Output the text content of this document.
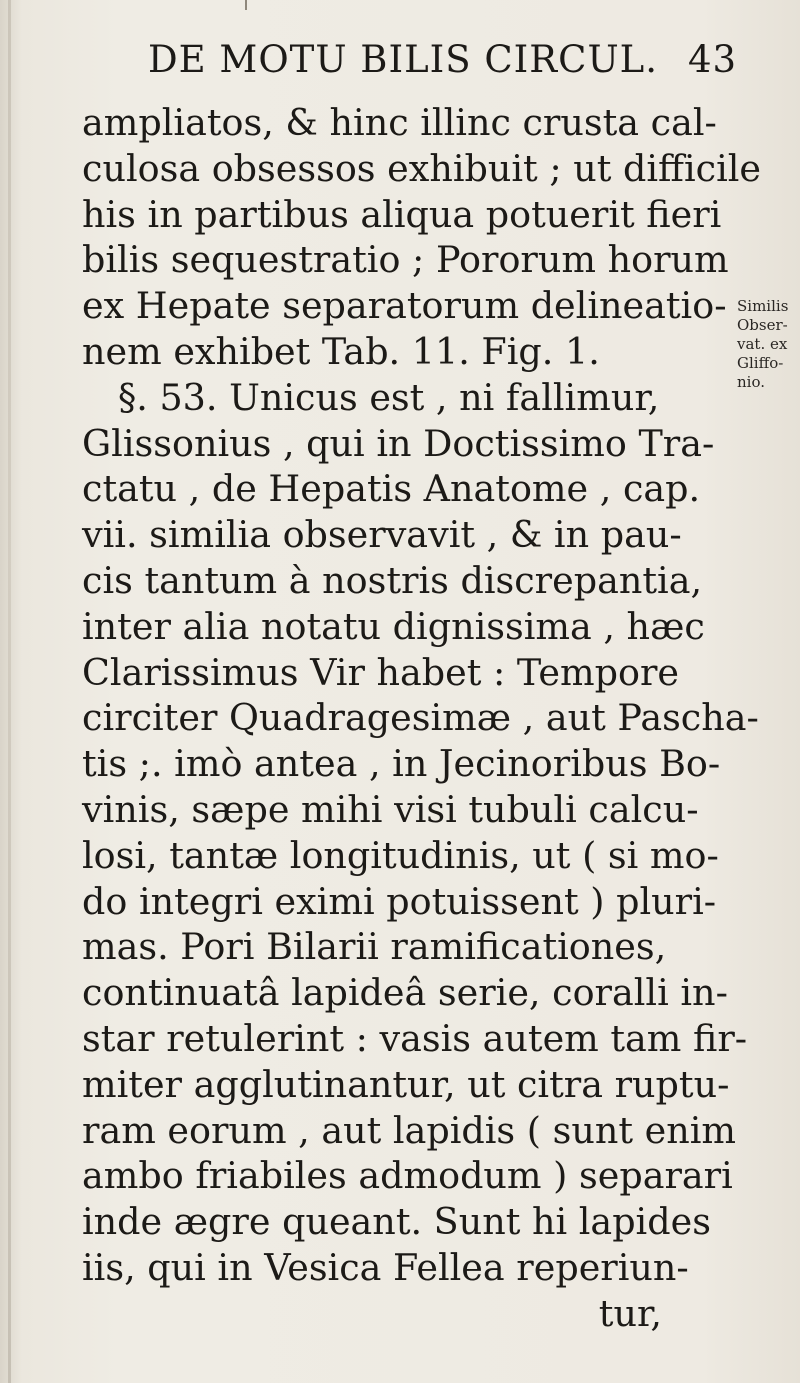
DE MOTU BILIS CIRCUL. 43
ampliatos, & hinc illinc crusta cal-
culosa obsessos exhibuit ; ut difficile
his in partibus aliqua potuerit fieri
bilis sequestratio ; Pororum horum
ex Hepate separatorum delineatio-
nem exhibet Tab. 11. Fig. 1.
§. 53. Unicus est , ni fallimur,
Glissonius , qui in Doctissimo Tra-
ctatu , de Hepatis Anatome , cap.
vii. similia observavit , & in pau-
cis tantum à nostris discrepantia,
inter alia notatu dignissima , hæc
Clarissimus Vir habet : Tempore
circiter Quadragesimæ , aut Pascha-
tis ;. imò antea , in Jecinoribus Bo-
vinis, sæpe mihi visi tubuli calcu-
losi, tantæ longitudinis, ut ( si mo-
do integri eximi potuissent ) pluri-
mas. Pori Bilarii ramificationes,
continuatâ lapideâ serie, coralli in-
star retulerint : vasis autem tam fir-
miter agglutinantur, ut citra ruptu-
ram eorum , aut lapidis ( sunt enim
ambo friabiles admodum ) separari
inde ægre queant. Sunt hi lapides
iis, qui in Vesica Fellea reperiun-
tur,
Similis
Obser-
vat. ex
Gliffo-
nio.
